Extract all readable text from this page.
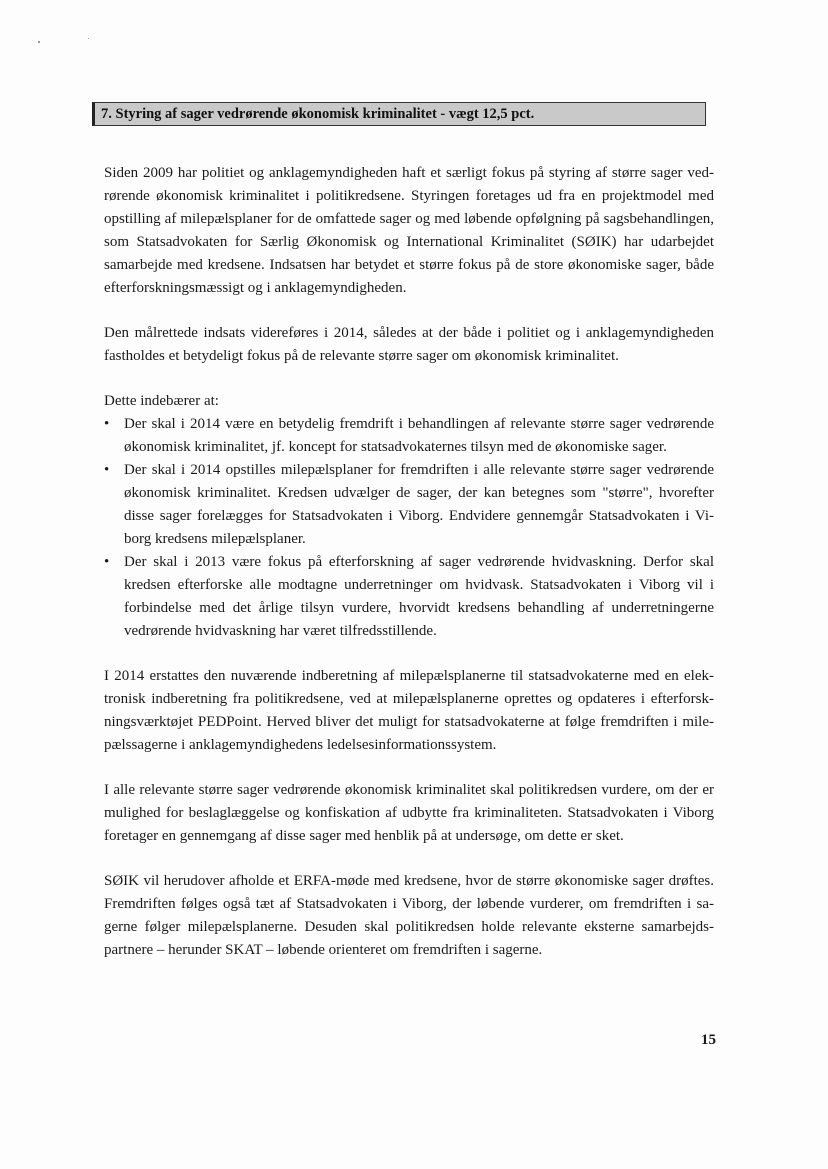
7. Styring af sager vedrørende økonomisk kriminalitet - vægt 12,5 pct.

Siden 2009 har politiet og anklagemyndigheden haft et særligt fokus på styring af større sager vedrørende økonomisk kriminalitet i politikredsene. Styringen foretages ud fra en projektmodel med opstilling af milepælsplaner for de omfattede sager og med løbende opfølgning på sagsbehandlingen, som Statsadvokaten for Særlig Økonomisk og International Kriminalitet (SØIK) har udarbejdet samarbejde med kredsene. Indsatsen har betydet et større fokus på de store økonomiske sager, både efterforskningsmæssigt og i anklagemyndigheden.

Den målrettede indsats videreføres i 2014, således at der både i politiet og i anklagemyndigheden fastholdes et betydeligt fokus på de relevante større sager om økonomisk kriminalitet.

Dette indebærer at:

• Der skal i 2014 være en betydelig fremdrift i behandlingen af relevante større sager vedrørende økonomisk kriminalitet, jf. koncept for statsadvokaternes tilsyn med de økonomiske sager.
• Der skal i 2014 opstilles milepælsplaner for fremdriften i alle relevante større sager vedrørende økonomisk kriminalitet. Kredsen udvælger de sager, der kan betegnes som "større", hvorefter disse sager forelægges for Statsadvokaten i Viborg. Endvidere gennemgår Statsadvokaten i Viborg kredsens milepælsplaner.
• Der skal i 2013 være fokus på efterforskning af sager vedrørende hvidvaskning. Derfor skal kredsen efterforske alle modtagne underretninger om hvidvask. Statsadvokaten i Viborg vil i forbindelse med det årlige tilsyn vurdere, hvorvidt kredsens behandling af underretningerne vedrørende hvidvaskning har været tilfredsstillende.

I 2014 erstattes den nuværende indberetning af milepælsplanerne til statsadvokaterne med en elektronisk indberetning fra politikredsene, ved at milepælsplanerne oprettes og opdateres i efterforskningsværktøjet PEDPoint. Herved bliver det muligt for statsadvokaterne at følge fremdriften i milepælssagerne i anklagemyndighedens ledelsesinformationssystem.

I alle relevante større sager vedrørende økonomisk kriminalitet skal politikredsen vurdere, om der er mulighed for beslaglæggelse og konfiskation af udbytte fra kriminaliteten. Statsadvokaten i Viborg foretager en gennemgang af disse sager med henblik på at undersøge, om dette er sket.

SØIK vil herudover afholde et ERFA-møde med kredsene, hvor de større økonomiske sager drøftes. Fremdriften følges også tæt af Statsadvokaten i Viborg, der løbende vurderer, om fremdriften i sagerne følger milepælsplanerne. Desuden skal politikredsen holde relevante eksterne samarbejdspartnere – herunder SKAT – løbende orienteret om fremdriften i sagerne.

15
